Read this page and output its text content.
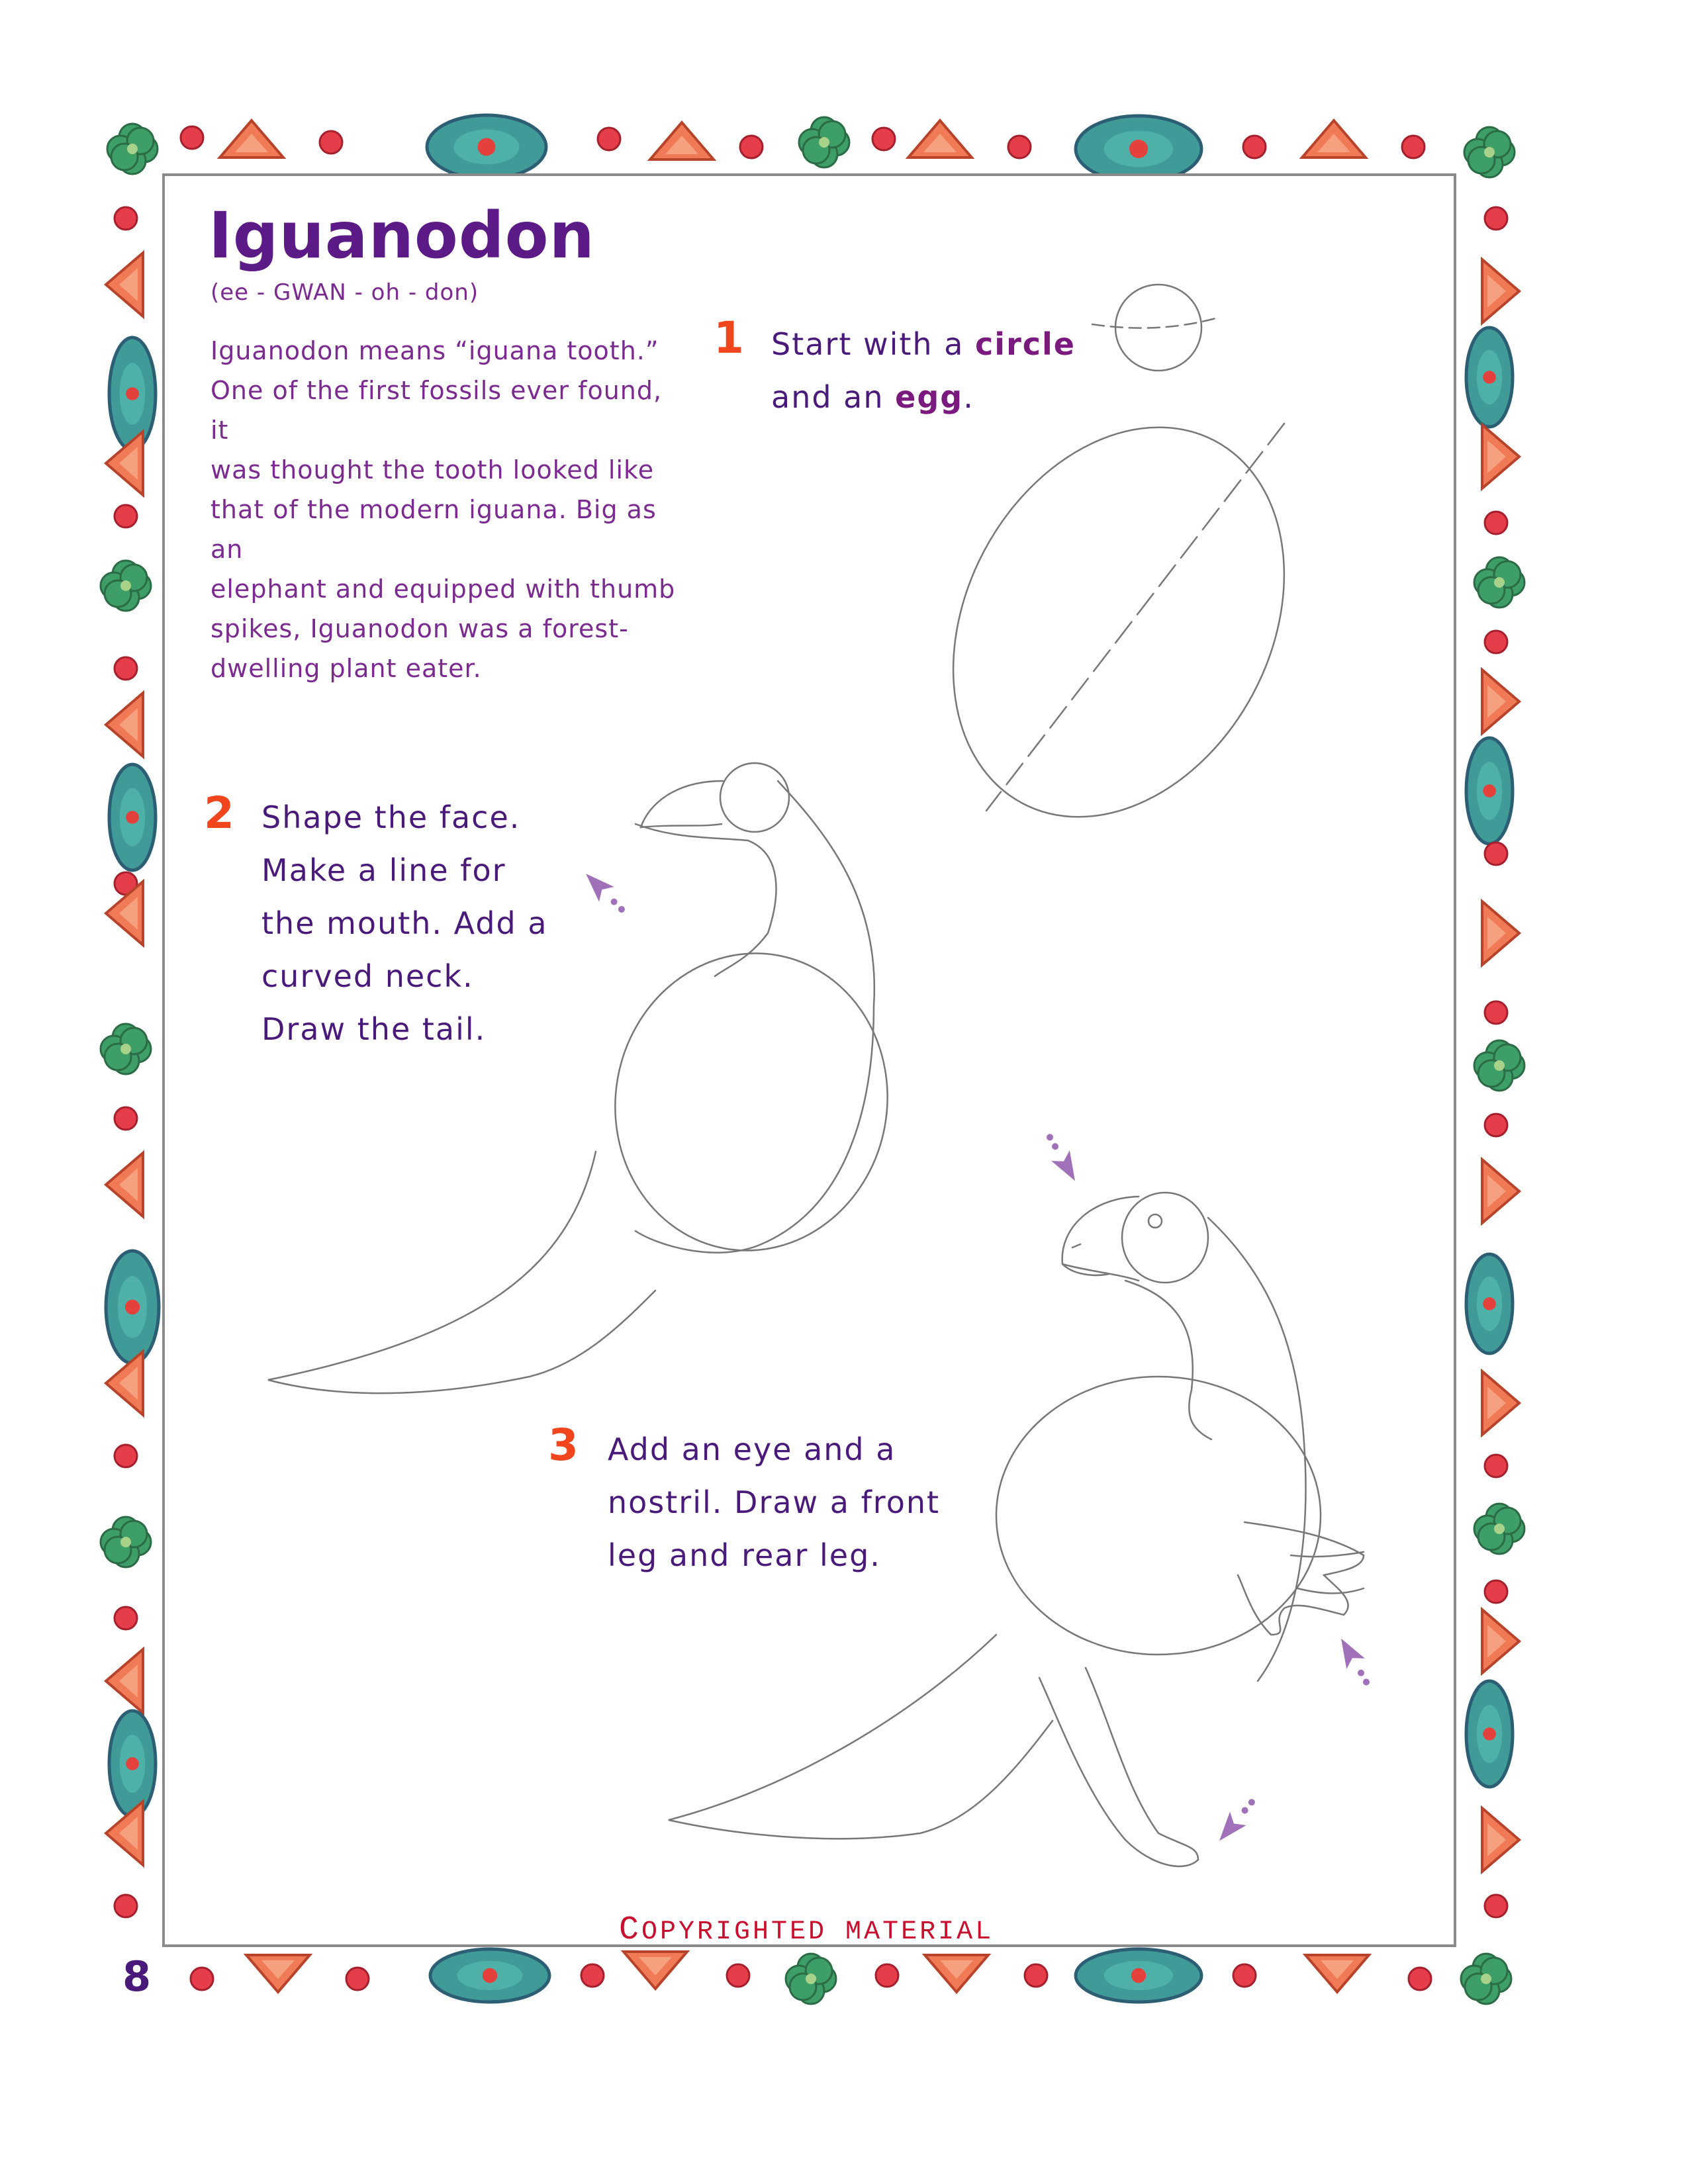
Iguanodon
(ee - GWAN - oh - don)
Iguanodon means “iguana tooth.”
One of the first fossils ever found, it
was thought the tooth looked like
that of the modern iguana. Big as an
elephant and equipped with thumb
spikes, Iguanodon was a forest-
dwelling plant eater.
1 Start with a circle
and an egg.
2 Shape the face.
Make a line for
the mouth. Add a
curved neck.
Draw the tail.
3 Add an eye and a
nostril. Draw a front
leg and rear leg.
COPYRIGHTED MATERIAL
8
